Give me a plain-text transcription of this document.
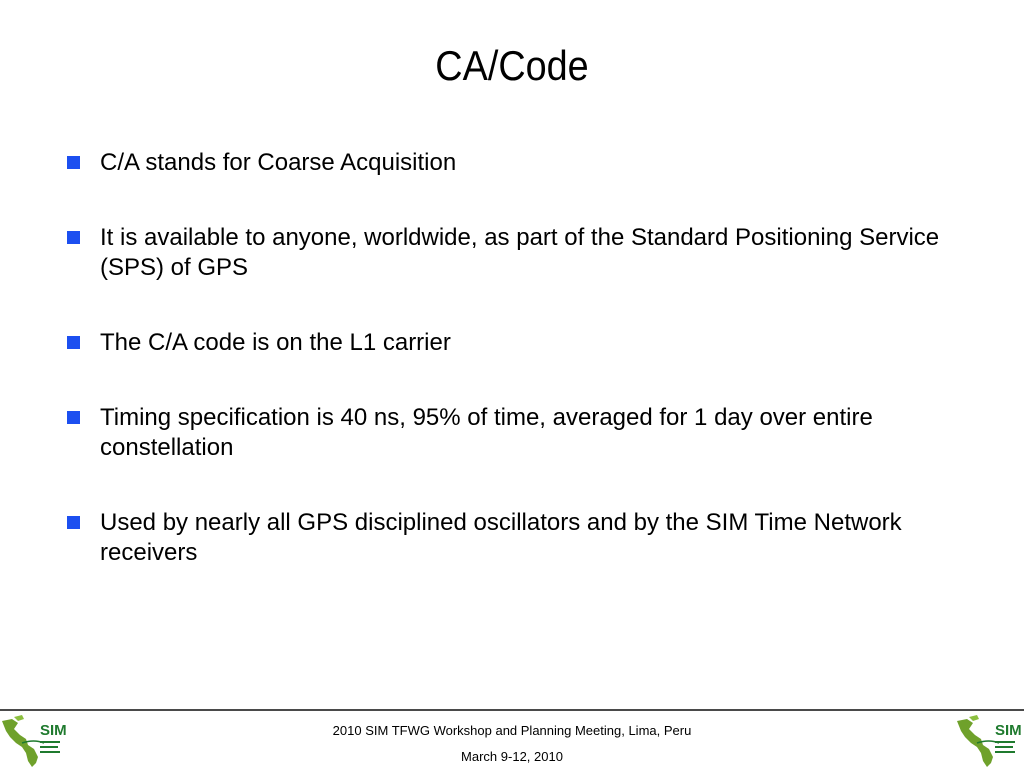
CA/Code
C/A stands for Coarse Acquisition
It is available to anyone, worldwide, as part of the Standard Positioning Service (SPS) of GPS
The C/A code is on the L1 carrier
Timing specification is 40 ns, 95% of time, averaged for 1 day over entire constellation
Used by nearly all GPS disciplined oscillators and by the SIM Time Network receivers
SIM	2010 SIM TFWG Workshop and Planning Meeting, Lima, Peru
March 9-12, 2010
SIM
